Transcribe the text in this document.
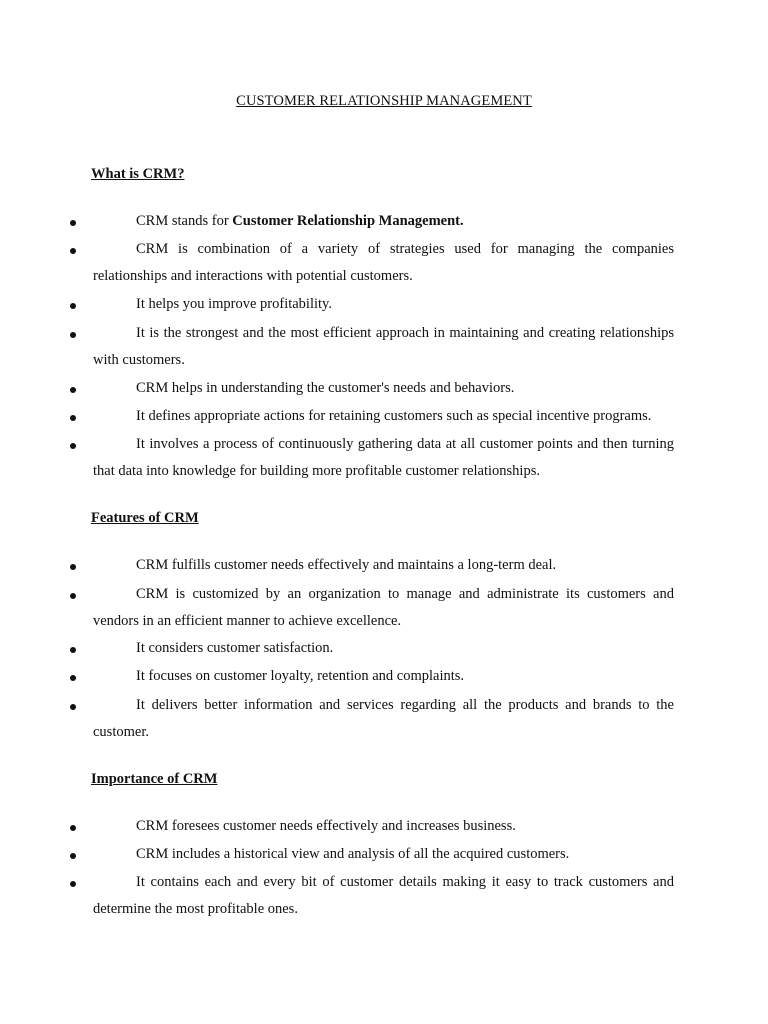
CUSTOMER RELATIONSHIP MANAGEMENT
What is CRM?
CRM stands for Customer Relationship Management.
CRM is combination of a variety of strategies used for managing the companies relationships and interactions with potential customers.
It helps you improve profitability.
It is the strongest and the most efficient approach in maintaining and creating relationships with customers.
CRM helps in understanding the customer's needs and behaviors.
It defines appropriate actions for retaining customers such as special incentive programs.
It involves a process of continuously gathering data at all customer points and then turning that data into knowledge for building more profitable customer relationships.
Features of CRM
CRM fulfills customer needs effectively and maintains a long-term deal.
CRM is customized by an organization to manage and administrate its customers and vendors in an efficient manner to achieve excellence.
It considers customer satisfaction.
It focuses on customer loyalty, retention and complaints.
It delivers better information and services regarding all the products and brands to the customer.
Importance of CRM
CRM foresees customer needs effectively and increases business.
CRM includes a historical view and analysis of all the acquired customers.
It contains each and every bit of customer details making it easy to track customers and determine the most profitable ones.
